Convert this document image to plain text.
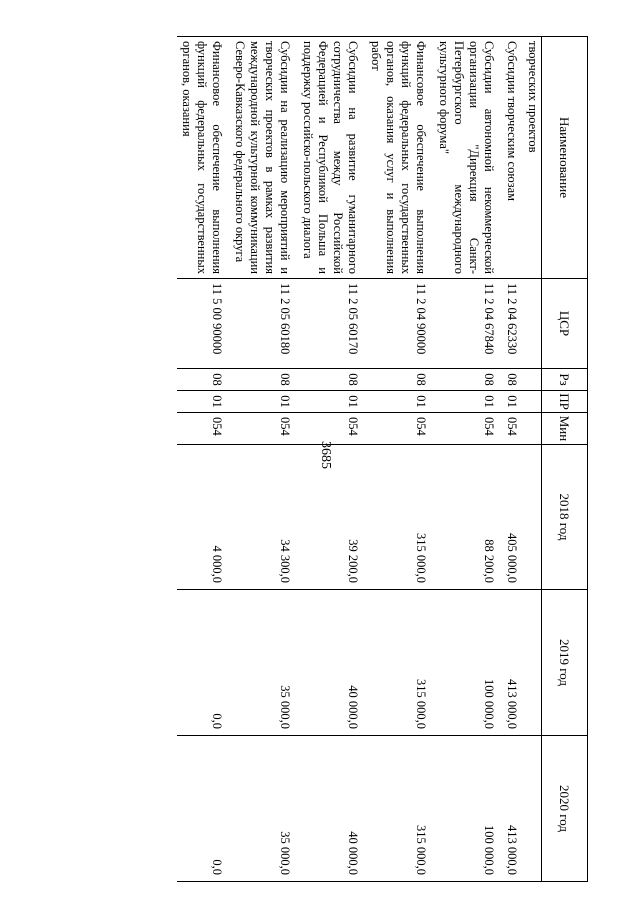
3685
Наименование	ЦСР	Рз	ПР	Мин	2018 год	2019 год	2020 год
творческих проектов							
Субсидии творческим союзам	11 2 04 62330	08	01	054	405 000,0	413 000,0	413 000,0
Субсидии автономной некоммерческой организации "Дирекция Санкт-Петербургского международного культурного форума"	11 2 04 67840	08	01	054	88 200,0	100 000,0	100 000,0
Финансовое обеспечение выполнения функций федеральных государственных органов, оказания услуг и выполнения работ	11 2 04 90000	08	01	054	315 000,0	315 000,0	315 000,0
Субсидии на развитие гуманитарного сотрудничества между Российской Федерацией и Республикой Польша и поддержку российско-польского диалога	11 2 05 60170	08	01	054	39 200,0	40 000,0	40 000,0
Субсидии на реализацию мероприятий и творческих проектов в рамках развития международной культурной коммуникации Северо-Кавказского федерального округа	11 2 05 60180	08	01	054	34 300,0	35 000,0	35 000,0
Финансовое обеспечение выполнения функций федеральных государственных органов, оказания	11 5 00 90000	08	01	054	4 000,0	0,0	0,0
